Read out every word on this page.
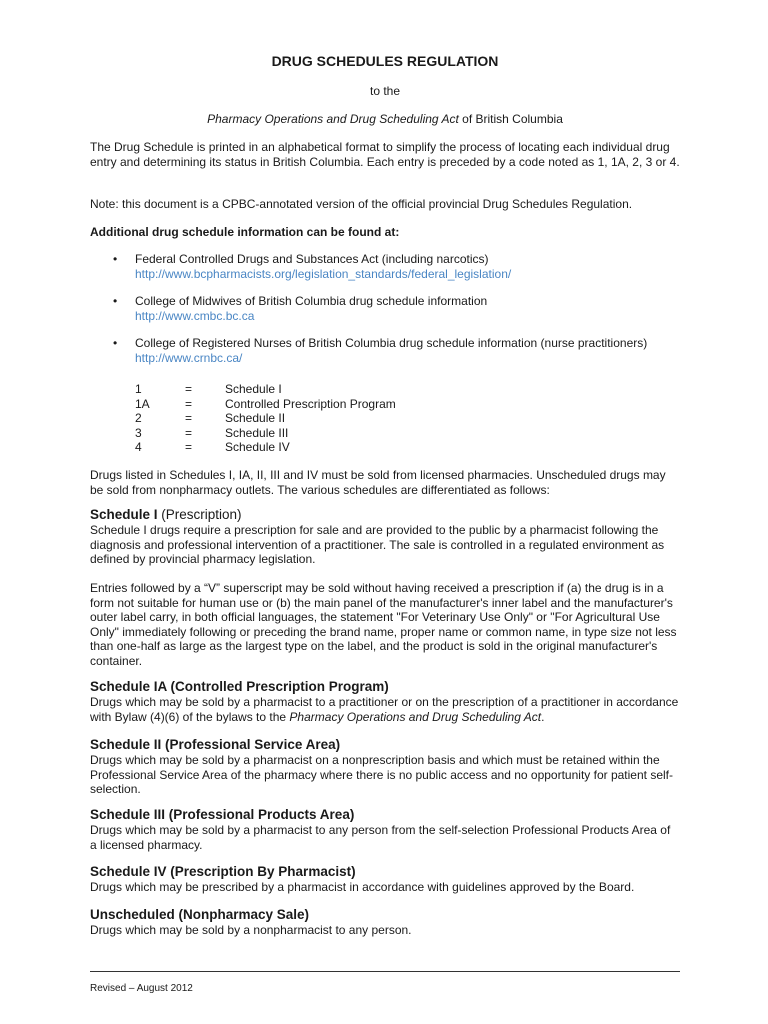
DRUG SCHEDULES REGULATION
to the
Pharmacy Operations and Drug Scheduling Act of British Columbia

The Drug Schedule is printed in an alphabetical format to simplify the process of locating each individual drug entry and determining its status in British Columbia. Each entry is preceded by a code noted as 1, 1A, 2, 3 or 4.

Note: this document is a CPBC-annotated version of the official provincial Drug Schedules Regulation.

Additional drug schedule information can be found at:

• Federal Controlled Drugs and Substances Act (including narcotics)
http://www.bcpharmacists.org/legislation_standards/federal_legislation/
• College of Midwives of British Columbia drug schedule information
http://www.cmbc.bc.ca
• College of Registered Nurses of British Columbia drug schedule information (nurse practitioners)
http://www.crnbc.ca/
1	=	Schedule I
1A	=	Controlled Prescription Program
2	=	Schedule II
3	=	Schedule III
4	=	Schedule IV

Drugs listed in Schedules I, IA, II, III and IV must be sold from licensed pharmacies. Unscheduled drugs may be sold from nonpharmacy outlets. The various schedules are differentiated as follows:

Schedule I (Prescription)

Schedule I drugs require a prescription for sale and are provided to the public by a pharmacist following the diagnosis and professional intervention of a practitioner. The sale is controlled in a regulated environment as defined by provincial pharmacy legislation.

Entries followed by a “V” superscript may be sold without having received a prescription if (a) the drug is in a form not suitable for human use or (b) the main panel of the manufacturer's inner label and the manufacturer's outer label carry, in both official languages, the statement "For Veterinary Use Only" or "For Agricultural Use Only" immediately following or preceding the brand name, proper name or common name, in type size not less than one-half as large as the largest type on the label, and the product is sold in the original manufacturer's container.

Schedule IA (Controlled Prescription Program)

Drugs which may be sold by a pharmacist to a practitioner or on the prescription of a practitioner in accordance with Bylaw (4)(6) of the bylaws to the Pharmacy Operations and Drug Scheduling Act.

Schedule II (Professional Service Area)

Drugs which may be sold by a pharmacist on a nonprescription basis and which must be retained within the Professional Service Area of the pharmacy where there is no public access and no opportunity for patient self-selection.

Schedule III (Professional Products Area)

Drugs which may be sold by a pharmacist to any person from the self-selection Professional Products Area of a licensed pharmacy.

Schedule IV (Prescription By Pharmacist)

Drugs which may be prescribed by a pharmacist in accordance with guidelines approved by the Board.

Unscheduled (Nonpharmacy Sale)

Drugs which may be sold by a nonpharmacist to any person.

Revised – August 2012
